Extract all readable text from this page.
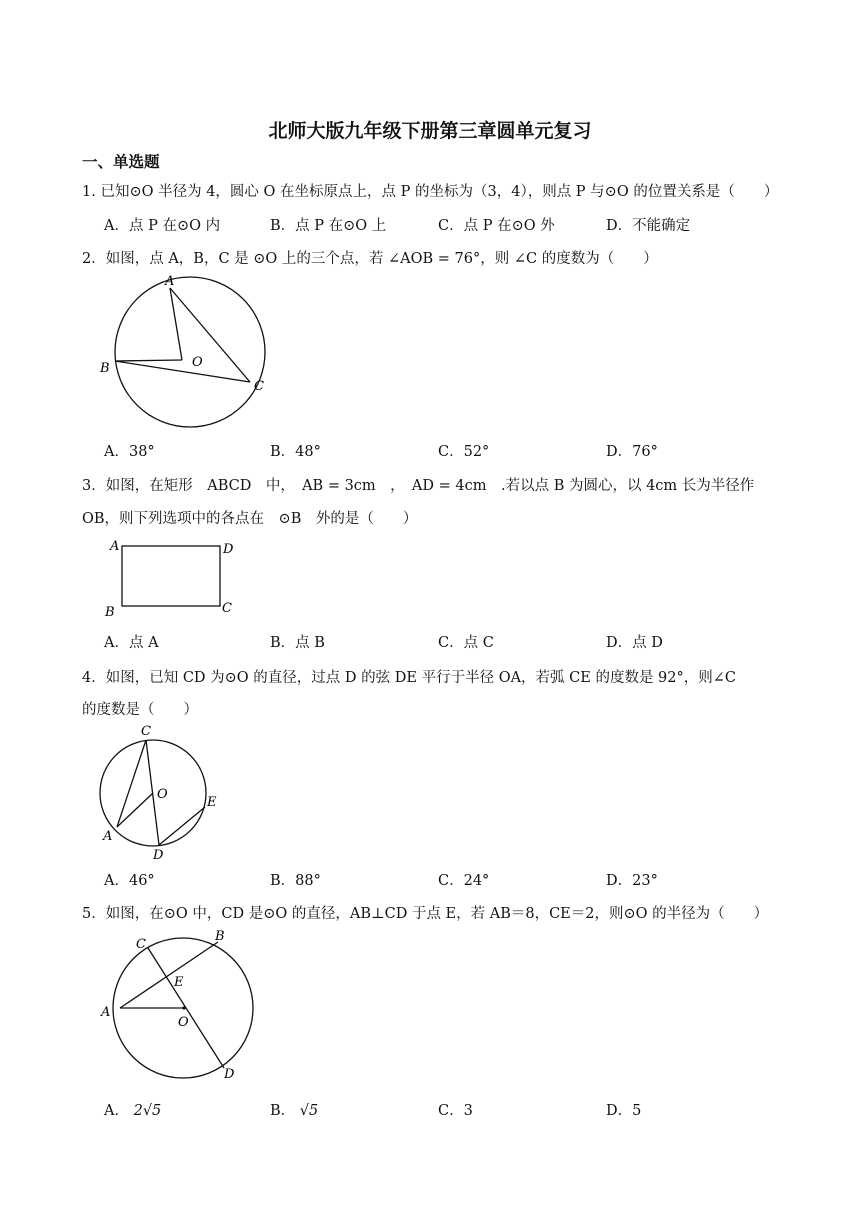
北师大版九年级下册第三章圆单元复习
一、单选题
1. 已知⊙O 半径为 4，圆心 O 在坐标原点上，点 P 的坐标为（3，4），则点 P 与⊙O 的位置关系是（　　）
A．点 P 在⊙O 内	B．点 P 在⊙O 上	C．点 P 在⊙O 外	D．不能确定
2．如图，点 A，B，C 是 ⊙O 上的三个点，若 ∠AOB = 76°，则 ∠C 的度数为（　　）
A
B
C
O
A．38°	B．48°	C．52°	D．76°
3．如图，在矩形　ABCD　中，　AB = 3cm　，　AD = 4cm　.若以点 B 为圆心，以 4cm 长为半径作
OB，则下列选项中的各点在　⊙B　外的是（　　）
A	D
B	C
A．点 A	B．点 B	C．点 C	D．点 D
4．如图，已知 CD 为⊙O 的直径，过点 D 的弦 DE 平行于半径 OA，若弧 CE 的度数是 92°，则∠C
的度数是（　　）
C
O
E
A
D
A．46°	B．88°	C．24°	D．23°
5．如图，在⊙O 中，CD 是⊙O 的直径，AB⊥CD 于点 E，若 AB＝8，CE＝2，则⊙O 的半径为（　　）
C
B
E
A
O
D
A． 2√5	B． √5	C．3	D．5
